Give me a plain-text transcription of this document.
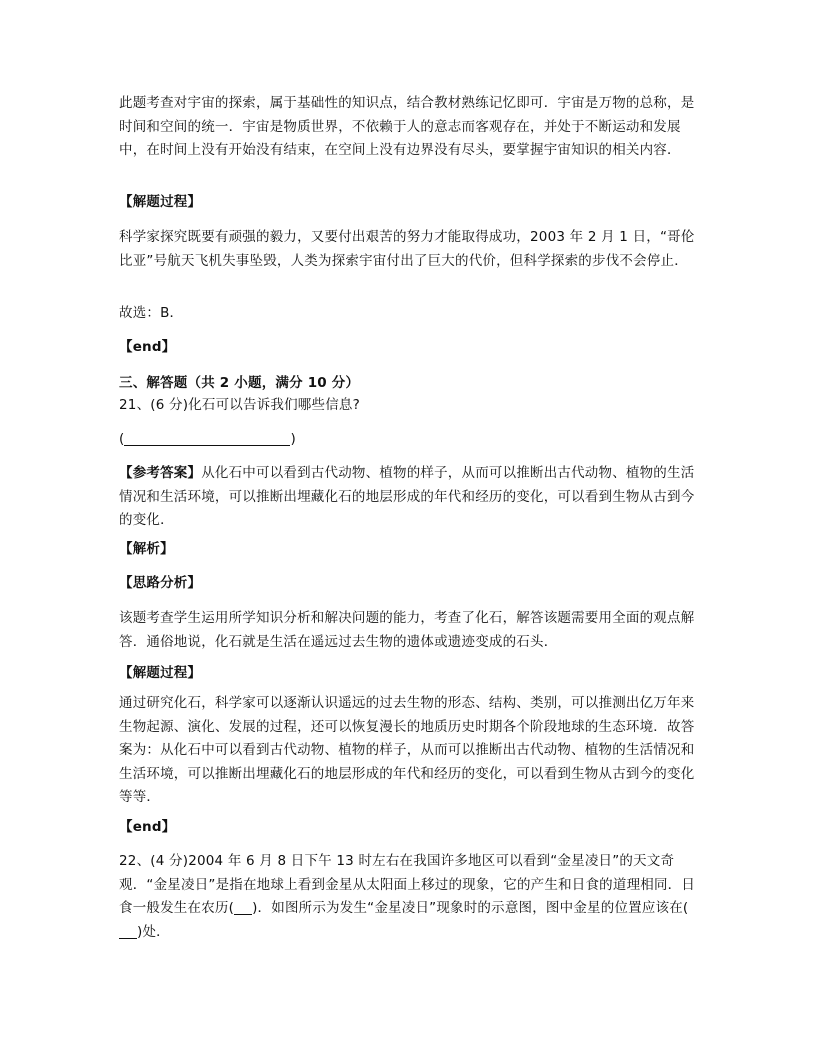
此题考查对宇宙的探索，属于基础性的知识点，结合教材熟练记忆即可．宇宙是万物的总称，是时间和空间的统一．宇宙是物质世界，不依赖于人的意志而客观存在，并处于不断运动和发展中，在时间上没有开始没有结束，在空间上没有边界没有尽头，要掌握宇宙知识的相关内容．

【解题过程】

科学家探究既要有顽强的毅力，又要付出艰苦的努力才能取得成功，2003 年 2 月 1 日，“哥伦比亚”号航天飞机失事坠毁，人类为探索宇宙付出了巨大的代价，但科学探索的步伐不会停止．

故选：B．

【end】

三、解答题（共 2 小题，满分 10 分）

21、(6 分)化石可以告诉我们哪些信息?

(	)

【参考答案】从化石中可以看到古代动物、植物的样子，从而可以推断出古代动物、植物的生活情况和生活环境，可以推断出埋藏化石的地层形成的年代和经历的变化，可以看到生物从古到今的变化．

【解析】

【思路分析】

该题考查学生运用所学知识分析和解决问题的能力，考查了化石，解答该题需要用全面的观点解答．通俗地说，化石就是生活在遥远过去生物的遗体或遗迹变成的石头．

【解题过程】

通过研究化石，科学家可以逐渐认识遥远的过去生物的形态、结构、类别，可以推测出亿万年来生物起源、演化、发展的过程，还可以恢复漫长的地质历史时期各个阶段地球的生态环境．故答案为：从化石中可以看到古代动物、植物的样子，从而可以推断出古代动物、植物的生活情况和生活环境，可以推断出埋藏化石的地层形成的年代和经历的变化，可以看到生物从古到今的变化等等．

【end】

22、(4 分)2004 年 6 月 8 日下午 13 时左右在我国许多地区可以看到“金星凌日”的天文奇观．“金星凌日”是指在地球上看到金星从太阳面上移过的现象，它的产生和日食的道理相同．日食一般发生在农历( )．如图所示为发生“金星凌日”现象时的示意图，图中金星的位置应该在()处．
